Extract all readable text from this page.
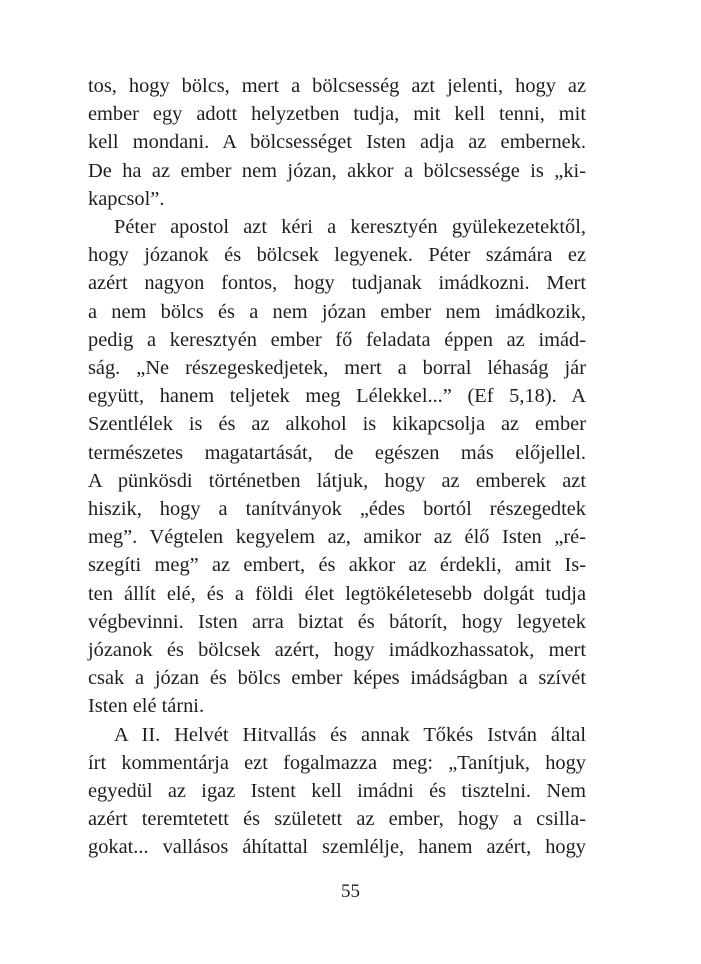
tos, hogy bölcs, mert a bölcsesség azt jelenti, hogy az
ember egy adott helyzetben tudja, mit kell tenni, mit
kell mondani. A bölcsességet Isten adja az embernek.
De ha az ember nem józan, akkor a bölcsessége is „ki-
kapcsol”.
Péter apostol azt kéri a keresztyén gyülekezetektől,
hogy józanok és bölcsek legyenek. Péter számára ez
azért nagyon fontos, hogy tudjanak imádkozni. Mert
a nem bölcs és a nem józan ember nem imádkozik,
pedig a keresztyén ember fő feladata éppen az imád-
ság. „Ne részegeskedjetek, mert a borral léhaság jár
együtt, hanem teljetek meg Lélekkel...” (Ef 5,18). A
Szentlélek is és az alkohol is kikapcsolja az ember
természetes magatartását, de egészen más előjellel.
A pünkösdi történetben látjuk, hogy az emberek azt
hiszik, hogy a tanítványok „édes bortól részegedtek
meg”. Végtelen kegyelem az, amikor az élő Isten „ré-
szegíti meg” az embert, és akkor az érdekli, amit Is-
ten állít elé, és a földi élet legtökéletesebb dolgát tudja
végbevinni. Isten arra biztat és bátorít, hogy legyetek
józanok és bölcsek azért, hogy imádkozhassatok, mert
csak a józan és bölcs ember képes imádságban a szívét
Isten elé tárni.
A II. Helvét Hitvallás és annak Tőkés István által
írt kommentárja ezt fogalmazza meg: „Tanítjuk, hogy
egyedül az igaz Istent kell imádni és tisztelni. Nem
azért teremtetett és született az ember, hogy a csilla-
gokat... vallásos áhítattal szemlélje, hanem azért, hogy
55
